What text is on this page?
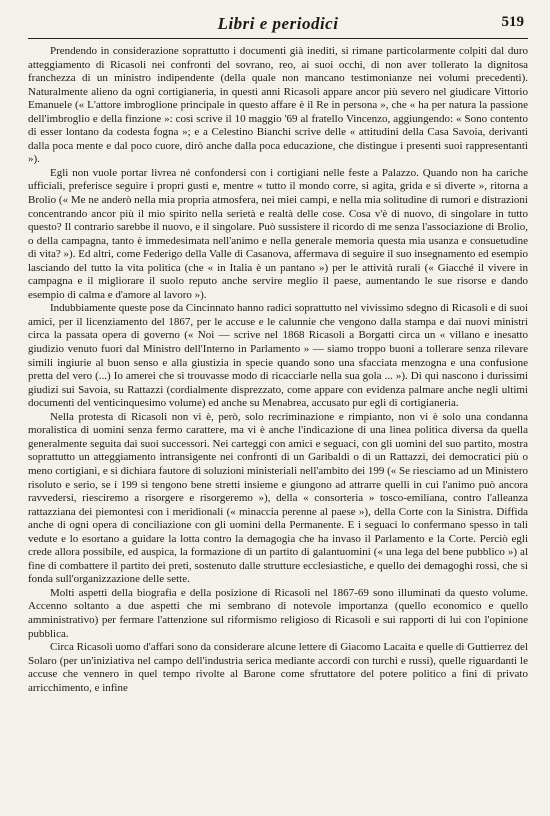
Libri e periodici	519

Prendendo in considerazione soprattutto i documenti già inediti, si rimane particolarmente colpiti dal duro atteggiamento di Ricasoli nei confronti del sovrano, reo, ai suoi occhi, di non aver tollerato la dignitosa franchezza di un ministro indipendente (della quale non mancano testimonianze nei volumi precedenti). Naturalmente alieno da ogni cortigianeria, in questi anni Ricasoli appare ancor più severo nel giudicare Vittorio Emanuele (« L'attore imbroglione principale in questo affare è il Re in persona », che « ha per natura la passione dell'imbroglio e della finzione »: così scrive il 10 maggio '69 al fratello Vincenzo, aggiungendo: « Sono contento di esser lontano da codesta fogna »; e a Celestino Bianchi scrive delle « attitudini della Casa Savoia, derivanti dalla poca mente e dal poco cuore, dirò anche dalla poca educazione, che distingue i presenti suoi rappresentanti »).

Egli non vuole portar livrea né confondersi con i cortigiani nelle feste a Palazzo. Quando non ha cariche ufficiali, preferisce seguire i propri gusti e, mentre « tutto il mondo corre, si agita, grida e si diverte », ritorna a Brolio (« Me ne anderò nella mia propria atmosfera, nei miei campi, e nella mia solitudine di rumori e distrazioni concentrando ancor più il mio spirito nella serietà e realtà delle cose. Cosa v'è di nuovo, di singolare in tutto questo? Il contrario sarebbe il nuovo, e il singolare. Può sussistere il ricordo di me senza l'associazione di Brolio, o della campagna, tanto è immedesimata nell'animo e nella generale memoria questa mia usanza e consuetudine di vita? »). Ed altri, come Federigo della Valle di Casanova, affermava di seguire il suo insegnamento ed esempio lasciando del tutto la vita politica (che « in Italia è un pantano ») per le attività rurali (« Giacché il vivere in campagna e il migliorare il suolo reputo anche servire meglio il paese, aumentando le sue risorse e dando esempio di calma e d'amore al lavoro »).

Indubbiamente queste pose da Cincinnato hanno radici soprattutto nel vivissimo sdegno di Ricasoli e di suoi amici, per il licenziamento del 1867, per le accuse e le calunnie che vengono dalla stampa e dai nuovi ministri circa la passata opera di governo (« Noi — scrive nel 1868 Ricasoli a Borgatti circa un « villano e inesatto giudizio venuto fuori dal Ministro dell'Interno in Parlamento » — siamo troppo buoni a tollerare senza rilevare simili ingiurie al buon senso e alla giustizia in specie quando sono una sfacciata menzogna e una confusione pretta del vero (...) Io amerei che si trouvasse modo di ricacciarle nella sua gola ... »). Di qui nascono i durissimi giudizi sui Savoia, su Rattazzi (cordialmente disprezzato, come appare con evidenza palmare anche negli ultimi documenti del venticinquesimo volume) ed anche su Menabrea, accusato pur egli di cortigianeria.

Nella protesta di Ricasoli non vi è, però, solo recriminazione e rimpianto, non vi è solo una condanna moralistica di uomini senza fermo carattere, ma vi è anche l'indicazione di una linea politica diversa da quella generalmente seguita dai suoi successori. Nei carteggi con amici e seguaci, con gli uomini del suo partito, mostra soprattutto un atteggiamento intransigente nei confronti di un Garibaldi o di un Rattazzi, dei democratici più o meno cortigiani, e si dichiara fautore di soluzioni ministeriali nell'ambito dei 199 (« Se riesciamo ad un Ministero risoluto e serio, se i 199 si tengono bene stretti insieme e giungono ad attrarre quelli in cui l'animo può ancora ravvedersi, riesciremo a risorgere e risorgeremo »), della « consorteria » tosco-emiliana, contro l'alleanza rattazziana dei piemontesi con i meridionali (« minaccia perenne al paese »), della Corte con la Sinistra. Diffida anche di ogni opera di conciliazione con gli uomini della Permanente. E i seguaci lo confermano spesso in tali vedute e lo esortano a guidare la lotta contro la demagogia che ha invaso il Parlamento e la Corte. Perciò egli crede allora possibile, ed auspica, la formazione di un partito di galantuomini (« una lega del bene pubblico ») al fine di combattere il partito dei preti, sostenuto dalle strutture ecclesiastiche, e quello dei demagoghi rossi, che si fonda sull'organizzazione delle sette.

Molti aspetti della biografia e della posizione di Ricasoli nel 1867-69 sono illuminati da questo volume. Accenno soltanto a due aspetti che mi sembrano di notevole importanza (quello economico e quello amministrativo) per fermare l'attenzione sul riformismo religioso di Ricasoli e sui rapporti di lui con l'opinione pubblica.

Circa Ricasoli uomo d'affari sono da considerare alcune lettere di Giacomo Lacaita e quelle di Guttierrez del Solaro (per un'iniziativa nel campo dell'industria serica mediante accordi con turchi e russi), quelle riguardanti le accuse che vennero in quel tempo rivolte al Barone come sfruttatore del potere politico a fini di privato arricchimento, e infine
